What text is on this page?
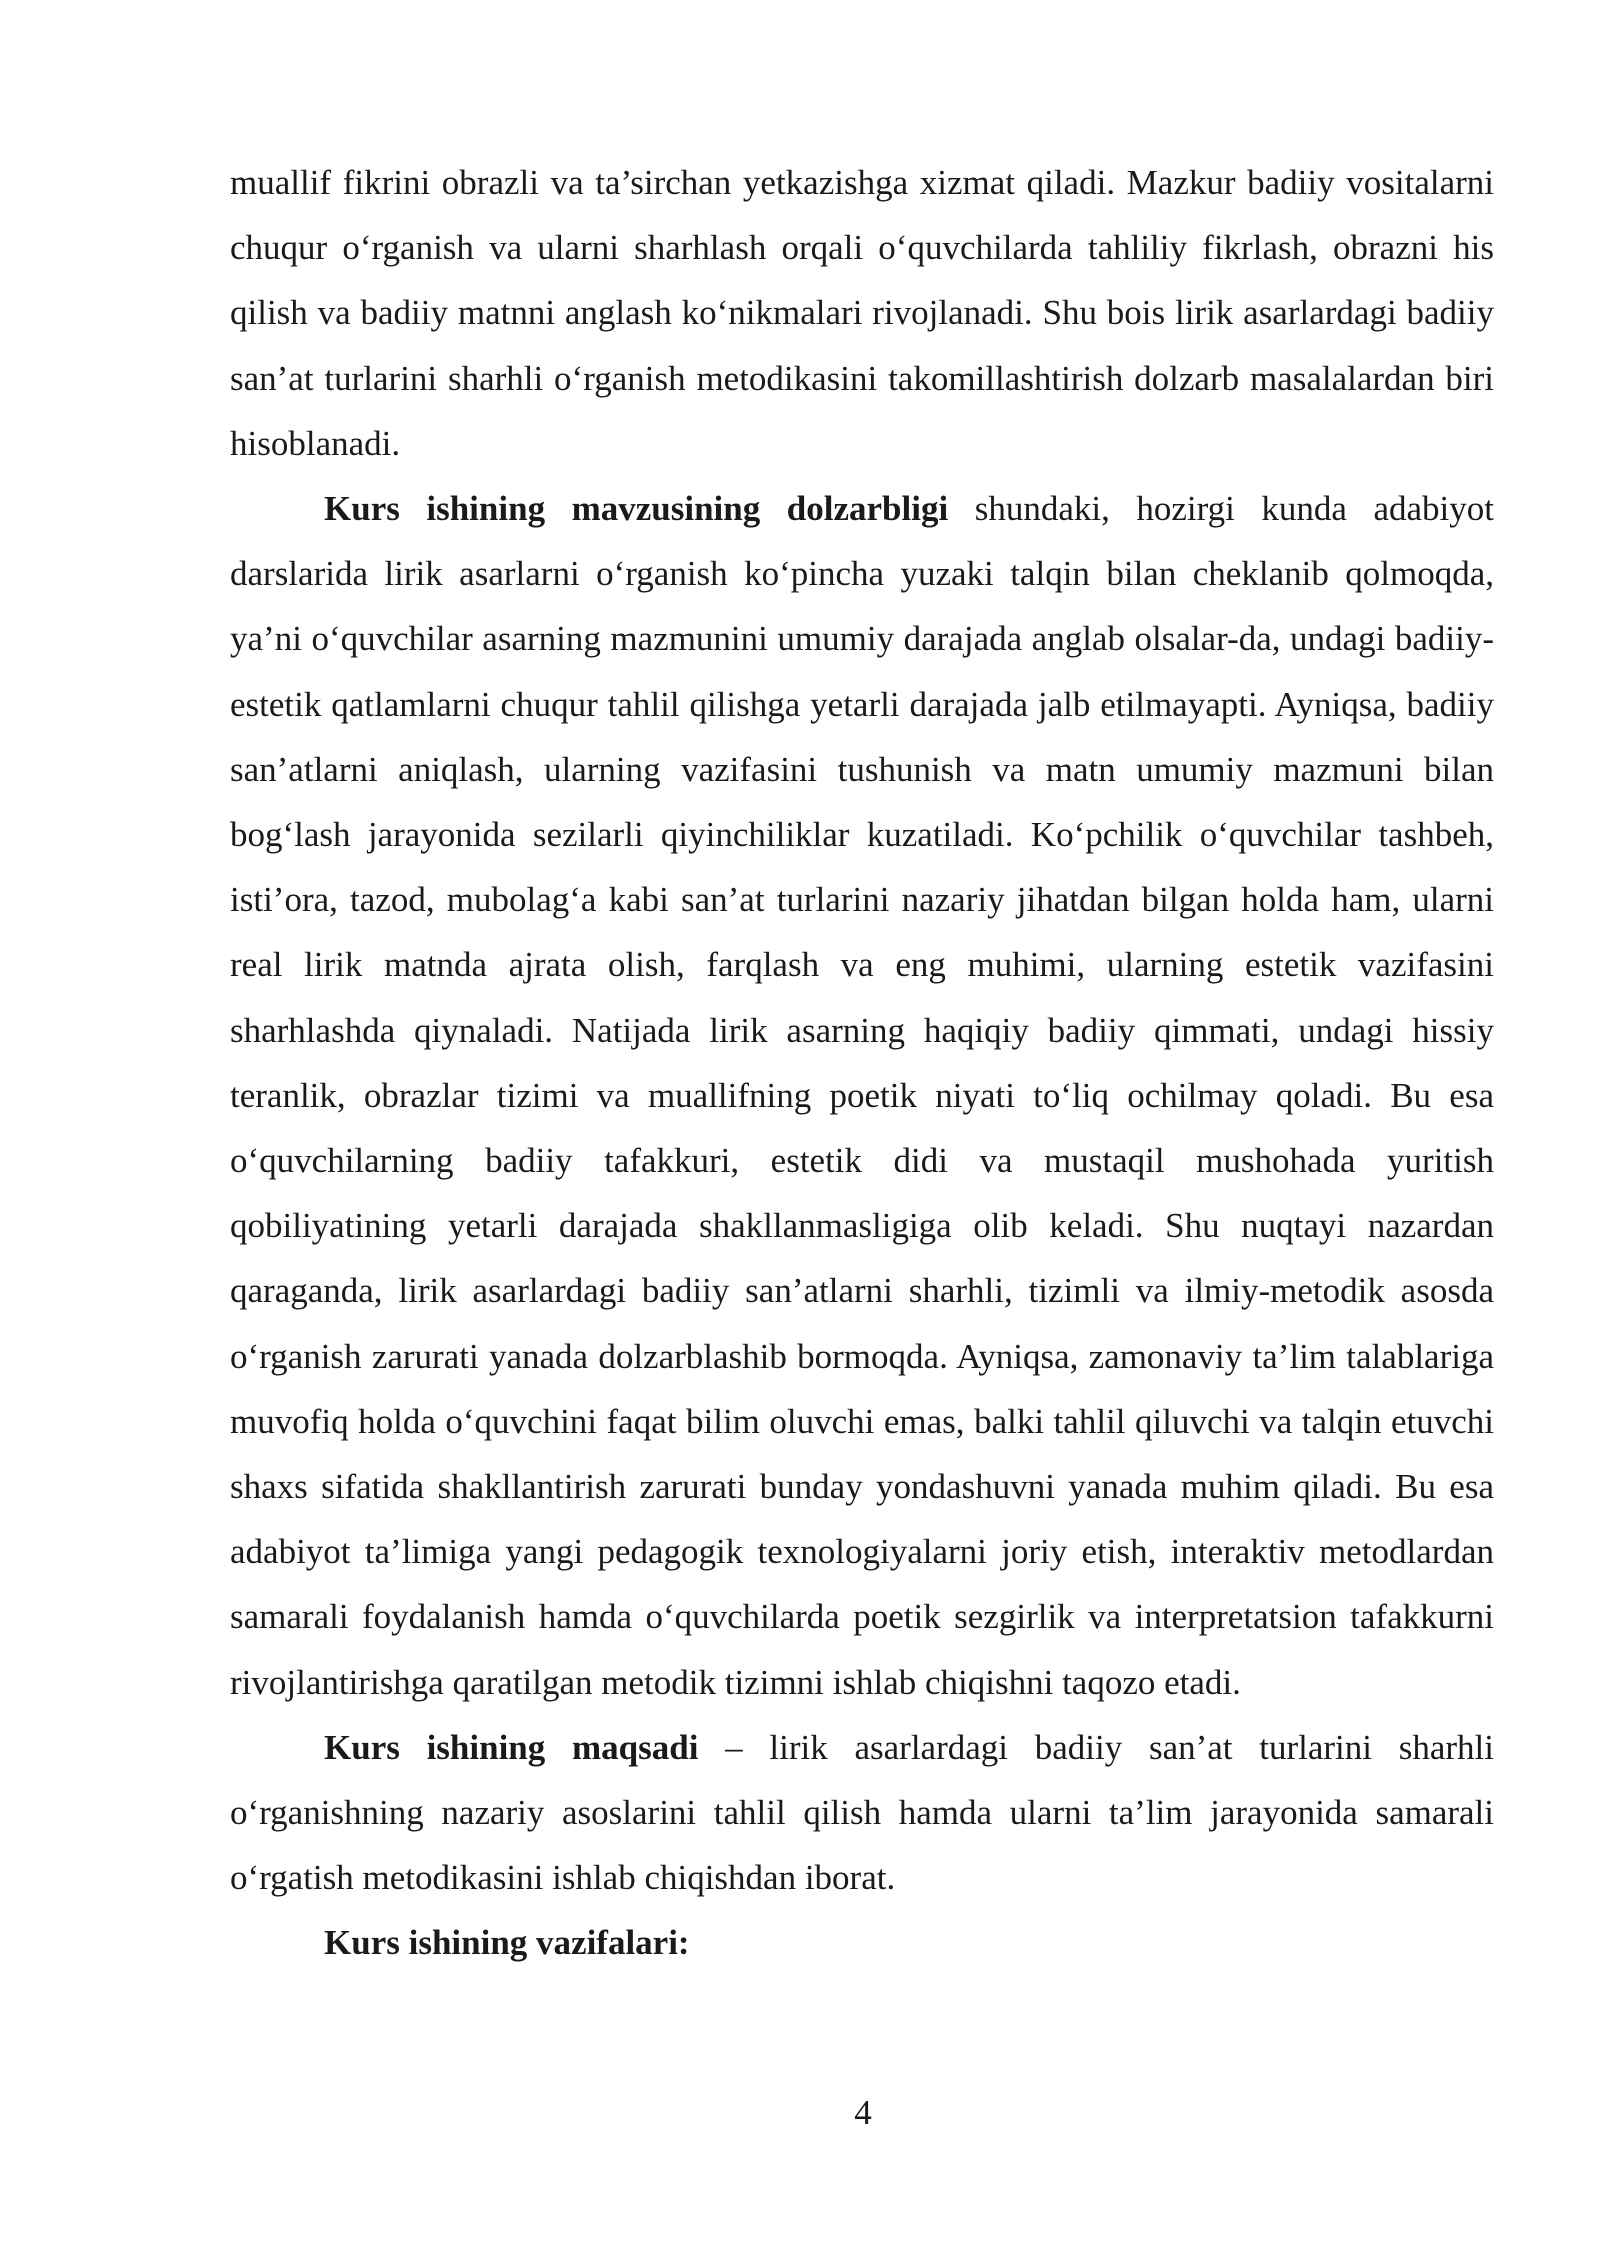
muallif fikrini obrazli va ta’sirchan yetkazishga xizmat qiladi. Mazkur badiiy vositalarni chuqur o‘rganish va ularni sharhlash orqali o‘quvchilarda tahliliy fikrlash, obrazni his qilish va badiiy matnni anglash ko‘nikmalari rivojlanadi. Shu bois lirik asarlardagi badiiy san’at turlarini sharhli o‘rganish metodikasini takomillashtirish dolzarb masalalardan biri hisoblanadi.

Kurs ishining mavzusining dolzarbligi shundaki, hozirgi kunda adabiyot darslarida lirik asarlarni o‘rganish ko‘pincha yuzaki talqin bilan cheklanib qolmoqda, ya’ni o‘quvchilar asarning mazmunini umumiy darajada anglab olsalar-da, undagi badiiy-estetik qatlamlarni chuqur tahlil qilishga yetarli darajada jalb etilmayapti. Ayniqsa, badiiy san’atlarni aniqlash, ularning vazifasini tushunish va matn umumiy mazmuni bilan bog‘lash jarayonida sezilarli qiyinchiliklar kuzatiladi. Ko‘pchilik o‘quvchilar tashbeh, isti’ora, tazod, mubolag‘a kabi san’at turlarini nazariy jihatdan bilgan holda ham, ularni real lirik matnda ajrata olish, farqlash va eng muhimi, ularning estetik vazifasini sharhlashda qiynaladi. Natijada lirik asarning haqiqiy badiiy qimmati, undagi hissiy teranlik, obrazlar tizimi va muallifning poetik niyati to‘liq ochilmay qoladi. Bu esa o‘quvchilarning badiiy tafakkuri, estetik didi va mustaqil mushohada yuritish qobiliyatining yetarli darajada shakllanmasligiga olib keladi. Shu nuqtayi nazardan qaraganda, lirik asarlardagi badiiy san’atlarni sharhli, tizimli va ilmiy-metodik asosda o‘rganish zarurati yanada dolzarblashib bormoqda. Ayniqsa, zamonaviy ta’lim talablariga muvofiq holda o‘quvchini faqat bilim oluvchi emas, balki tahlil qiluvchi va talqin etuvchi shaxs sifatida shakllantirish zarurati bunday yondashuvni yanada muhim qiladi. Bu esa adabiyot ta’limiga yangi pedagogik texnologiyalarni joriy etish, interaktiv metodlardan samarali foydalanish hamda o‘quvchilarda poetik sezgirlik va interpretatsion tafakkurni rivojlantirishga qaratilgan metodik tizimni ishlab chiqishni taqozo etadi.

Kurs ishining maqsadi – lirik asarlardagi badiiy san’at turlarini sharhli o‘rganishning nazariy asoslarini tahlil qilish hamda ularni ta’lim jarayonida samarali o‘rgatish metodikasini ishlab chiqishdan iborat.

Kurs ishining vazifalari:

4
